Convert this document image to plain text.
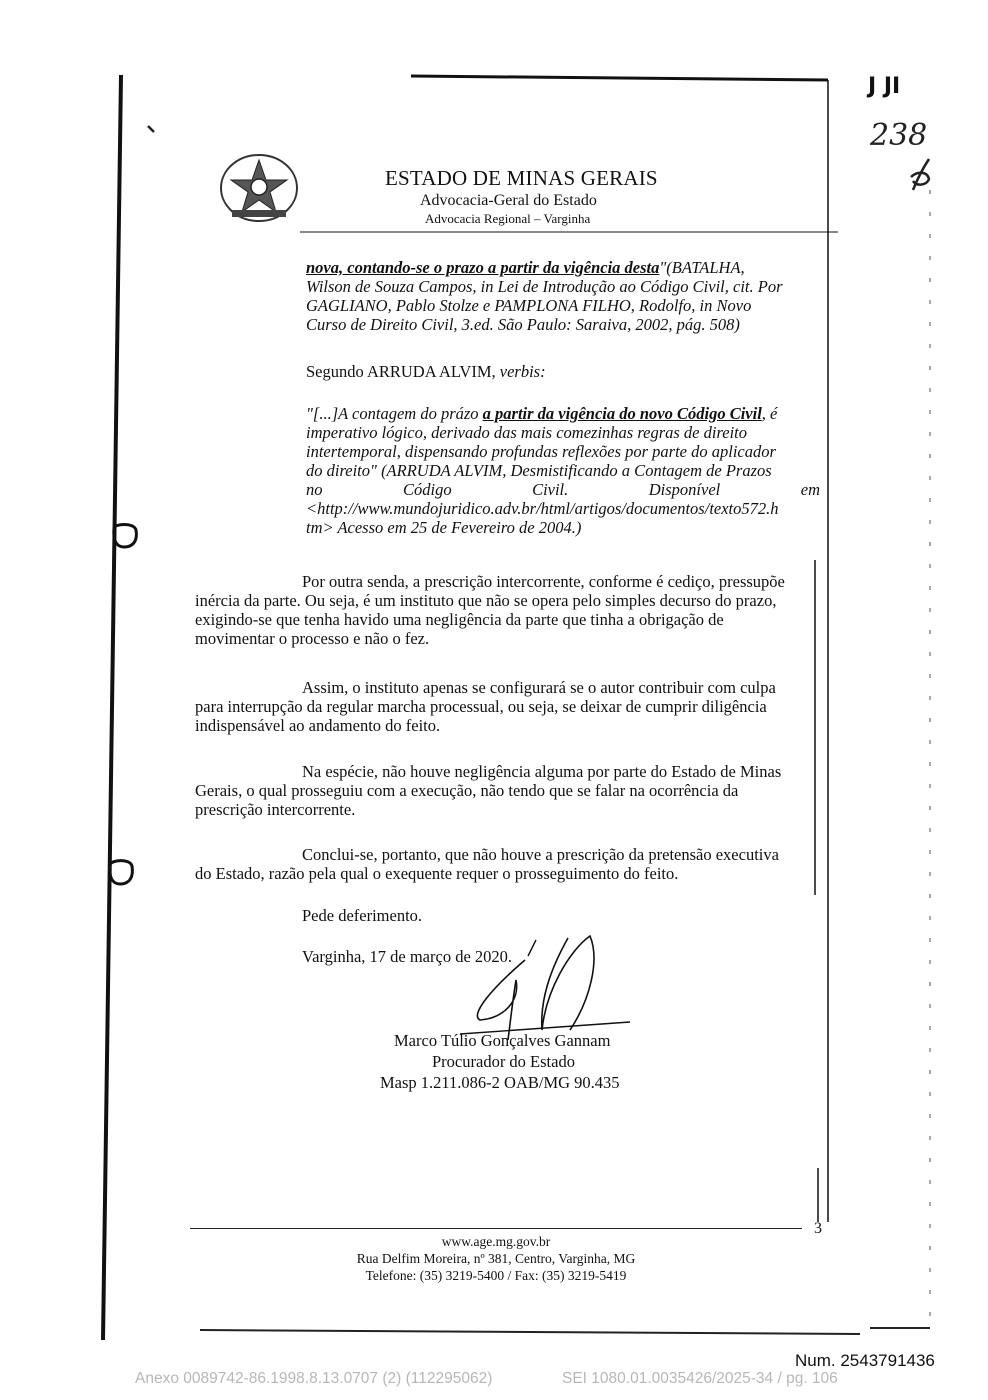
J JI
238
ESTADO DE MINAS GERAIS
Advocacia-Geral do Estado
Advocacia Regional – Varginha
nova, contando-se o prazo a partir da vigência desta"(BATALHA,
Wilson de Souza Campos, in Lei de Introdução ao Código Civil, cit. Por
GAGLIANO, Pablo Stolze e PAMPLONA FILHO, Rodolfo, in Novo
Curso de Direito Civil, 3.ed. São Paulo: Saraiva, 2002, pág. 508)
Segundo ARRUDA ALVIM, verbis:
"[...]A contagem do prázo a partir da vigência do novo Código Civil, é
imperativo lógico, derivado das mais comezinhas regras de direito
intertemporal, dispensando profundas reflexões por parte do aplicador
do direito" (ARRUDA ALVIM, Desmistificando a Contagem de Prazos
no	Código	Civil.	Disponível	em
<http://www.mundojuridico.adv.br/html/artigos/documentos/texto572.h
tm> Acesso em 25 de Fevereiro de 2004.)
Por outra senda, a prescrição intercorrente, conforme é cediço, pressupõe
inércia da parte. Ou seja, é um instituto que não se opera pelo simples decurso do prazo,
exigindo-se que tenha havido uma negligência da parte que tinha a obrigação de
movimentar o processo e não o fez.
Assim, o instituto apenas se configurará se o autor contribuir com culpa
para interrupção da regular marcha processual, ou seja, se deixar de cumprir diligência
indispensável ao andamento do feito.
Na espécie, não houve negligência alguma por parte do Estado de Minas
Gerais, o qual prosseguiu com a execução, não tendo que se falar na ocorrência da
prescrição intercorrente.
Conclui-se, portanto, que não houve a prescrição da pretensão executiva
do Estado, razão pela qual o exequente requer o prosseguimento do feito.
Pede deferimento.
Varginha, 17 de março de 2020.
Marco Túlio Gonçalves Gannam
Procurador do Estado
Masp 1.211.086-2 OAB/MG 90.435
3
www.age.mg.gov.br
Rua Delfim Moreira, nº 381, Centro, Varginha, MG
Telefone: (35) 3219-5400 / Fax: (35) 3219-5419
Num. 2543791436
Anexo 0089742-86.1998.8.13.0707 (2) (112295062)	SEI 1080.01.0035426/2025-34 / pg. 106
